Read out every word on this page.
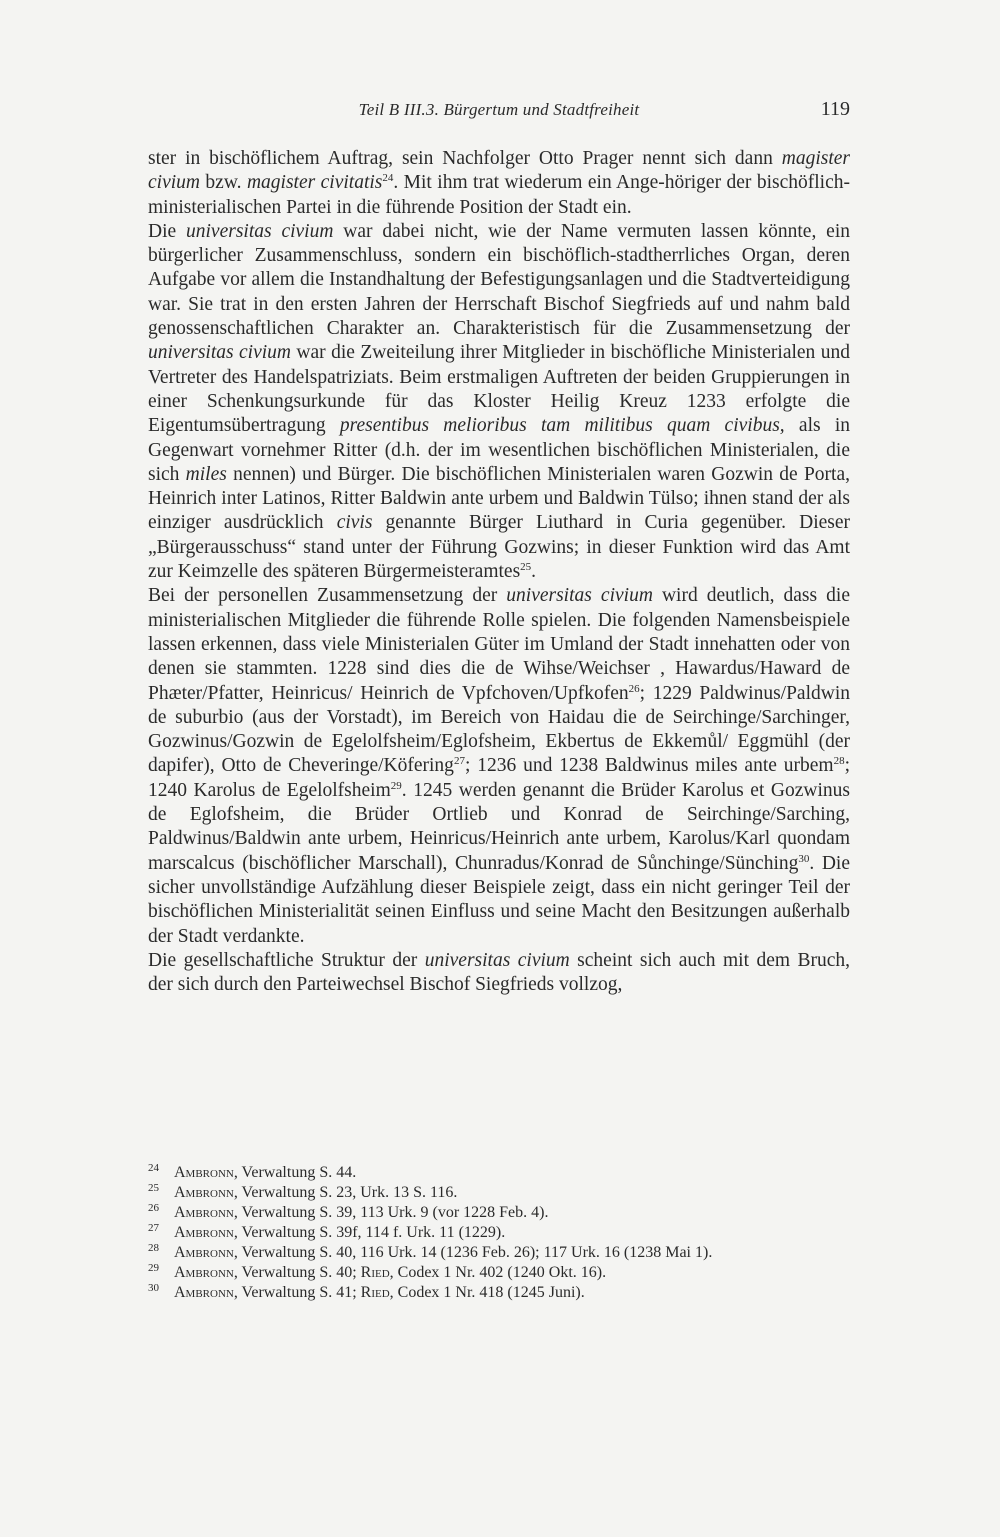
Teil B III.3. Bürgertum und Stadtfreiheit	119

ster in bischöflichem Auftrag, sein Nachfolger Otto Prager nennt sich dann magister civium bzw. magister civitatis$^{24}$. Mit ihm trat wiederum ein Ange-höriger der bischöflich-ministerialischen Partei in die führende Position der Stadt ein.

Die universitas civium war dabei nicht, wie der Name vermuten lassen könnte, ein bürgerlicher Zusammenschluss, sondern ein bischöflich-stadtherrliches Organ, deren Aufgabe vor allem die Instandhaltung der Befestigungsanlagen und die Stadtverteidigung war. Sie trat in den ersten Jahren der Herrschaft Bischof Siegfrieds auf und nahm bald genossenschaftlichen Charakter an. Charakteristisch für die Zusammensetzung der universitas civium war die Zweiteilung ihrer Mitglieder in bischöfliche Ministerialen und Vertreter des Handelspatriziats. Beim erstmaligen Auftreten der beiden Gruppierungen in einer Schenkungsurkunde für das Kloster Heilig Kreuz 1233 erfolgte die Eigentumsübertragung presentibus melioribus tam militibus quam civibus, als in Gegenwart vornehmer Ritter (d.h. der im wesentlichen bischöflichen Ministerialen, die sich miles nennen) und Bürger. Die bischöflichen Ministerialen waren Gozwin de Porta, Heinrich inter Latinos, Ritter Baldwin ante urbem und Baldwin Tülso; ihnen stand der als einziger ausdrücklich civis genannte Bürger Liuthard in Curia gegenüber. Dieser „Bürgerausschuss“ stand unter der Führung Gozwins; in dieser Funktion wird das Amt zur Keimzelle des späteren Bürgermeisteramtes$^{25}$.

Bei der personellen Zusammensetzung der universitas civium wird deutlich, dass die ministerialischen Mitglieder die führende Rolle spielen. Die folgenden Namensbeispiele lassen erkennen, dass viele Ministerialen Güter im Umland der Stadt innehatten oder von denen sie stammten. 1228 sind dies die de Wihse/Weichser , Hawardus/Haward de Phæter/Pfatter, Heinricus/ Heinrich de Vpfchoven/Upfkofen$^{26}$; 1229 Paldwinus/Paldwin de suburbio (aus der Vorstadt), im Bereich von Haidau die de Seirchinge/Sarchinger, Gozwinus/Gozwin de Egelolfsheim/Eglofsheim, Ekbertus de Ekkemůl/ Eggmühl (der dapifer), Otto de Cheveringe/Köfering$^{27}$; 1236 und 1238 Baldwinus miles ante urbem$^{28}$; 1240 Karolus de Egelolfsheim$^{29}$. 1245 werden genannt die Brüder Karolus et Gozwinus de Eglofsheim, die Brüder Ortlieb und Konrad de Seirchinge/Sarching, Paldwinus/Baldwin ante urbem, Heinricus/Heinrich ante urbem, Karolus/Karl quondam marscalcus (bischöflicher Marschall), Chunradus/Konrad de Sůnchinge/Sünching$^{30}$. Die sicher unvollständige Aufzählung dieser Beispiele zeigt, dass ein nicht geringer Teil der bischöflichen Ministerialität seinen Einfluss und seine Macht den Besitzungen außerhalb der Stadt verdankte.

Die gesellschaftliche Struktur der universitas civium scheint sich auch mit dem Bruch, der sich durch den Parteiwechsel Bischof Siegfrieds vollzog,

24 Ambronn, Verwaltung S. 44.

25 Ambronn, Verwaltung S. 23, Urk. 13 S. 116.

26 Ambronn, Verwaltung S. 39, 113 Urk. 9 (vor 1228 Feb. 4).

27 Ambronn, Verwaltung S. 39f, 114 f. Urk. 11 (1229).

28 Ambronn, Verwaltung S. 40, 116 Urk. 14 (1236 Feb. 26); 117 Urk. 16 (1238 Mai 1).

29 Ambronn, Verwaltung S. 40; Ried, Codex 1 Nr. 402 (1240 Okt. 16).

30 Ambronn, Verwaltung S. 41; Ried, Codex 1 Nr. 418 (1245 Juni).
